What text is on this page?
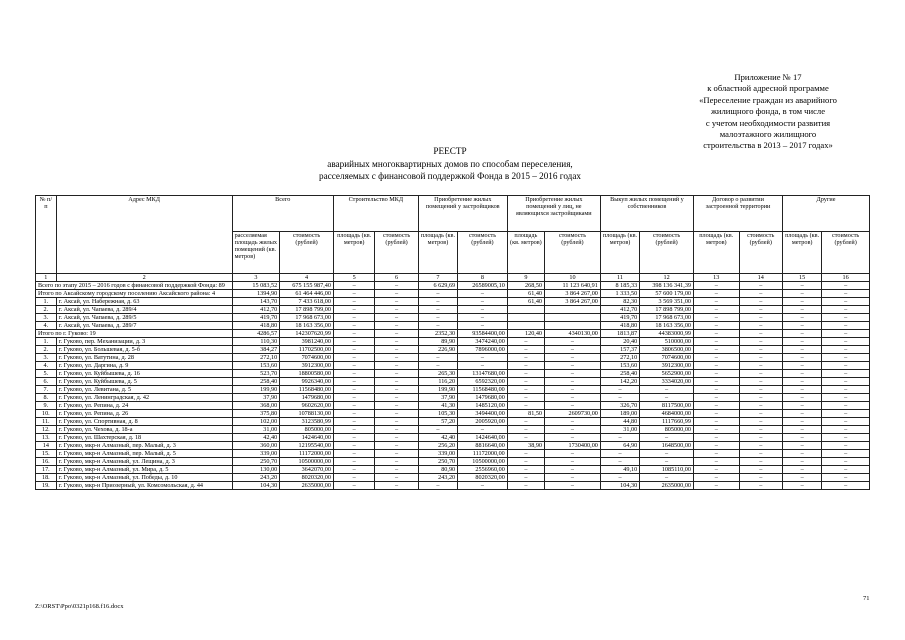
Приложение № 17
к областной адресной программе
«Переселение граждан из аварийного
жилищного фонда, в том числе
с учетом необходимости развития
малоэтажного жилищного
строительства в 2013 – 2017 годах»
РЕЕСТР
аварийных многоквартирных домов по способам переселения,
расселяемых с финансовой поддержкой Фонда в 2015 – 2016 годах
№ п/п	Адрес МКД	Всего		Строительство МКД		Приобретение жилых помещений у застройщиков		Приобретение жилых помещений у лиц, не являющихся застройщиками		Выкуп жилых помещений у собственников		Договор о развитии застроенной территории		Другие	
		расселяемая площадь жилых помещений (кв. метров)	стоимость (рублей)	площадь (кв. метров)	стоимость (рублей)	площадь (кв. метров)	стоимость (рублей)	площадь (кв. метров)	стоимость (рублей)	площадь (кв. метров)	стоимость (рублей)	площадь (кв. метров)	стоимость (рублей)	площадь (кв. метров)	стоимость (рублей)
1	2	3	4	5	6	7	8	9	10	11	12	13	14	15	16
Всего по этапу 2015 – 2016 годов с финансовой поддержкой Фонда: 89		15 083,52	675 155 987,40	–	–	6 629,69	26589005,10	268,50	11 123 640,91	8 185,33	398 136 341,39	–	–	–	–
Итого по Аксайскому городскому поселению Аксайского района: 4		1394,90	61 464 446,00	–	–	–	–	61,40	3 864 267,00	1 333,50	57 600 179,00	–	–	–	–
1.	г. Аксай, ул. Набережная, д. 63	143,70	7 433 618,00	–	–	–	–	61,40	3 864 267,00	82,30	3 569 351,00	–	–	–	–
2.	г. Аксай, ул. Чапаева, д. 289/4	412,70	17 898 799,00	–	–	–	–			412,70	17 898 799,00	–	–	–	–
3.	г. Аксай, ул. Чапаева, д. 289/5	419,70	17 968 673,00	–	–	–	–			419,70	17 968 673,00	–	–	–	–
4.	г. Аксай, ул. Чапаева, д. 289/7	418,80	18 163 356,00	–	–	–	–			418,80	18 163 356,00	–	–	–	–
Итого по г. Гуково: 19		4286,57	142307620,99	–	–	2352,30	93584400,00	120,40	4340130,00	1813,87	44383000,99	–	–	–	–
1.	г. Гуково, пер. Механизации, д. 3	110,30	3981240,00	–	–	89,90	3474240,00	–	–	20,40	510000,00	–	–	–	–
2.	г. Гуково, ул. Большевая, д. 5-б	384,27	11702500,00	–	–	226,90	7896000,00	–	–	157,37	3806500,00	–	–	–	–
3.	г. Гуково, ул. Ватутина, д. 28	272,10	7074600,00	–	–	–	–	–	–	272,10	7074600,00	–	–	–	–
4.	г. Гуково, ул. Даргина, д. 9	153,60	3912300,00	–	–	–	–	–	–	153,60	3912300,00	–	–	–	–
5.	г. Гуково, ул. Куйбышева, д. 16	523,70	18800580,00	–	–	265,30	13147680,00	–	–	258,40	5652900,00	–	–	–	–
6.	г. Гуково, ул. Куйбышева, д. 5	258,40	9926340,00	–	–	116,20	6592320,00	–	–	142,20	3334020,00	–	–	–	–
7.	г. Гуково, ул. Левитана, д. 5	199,90	11568480,00	–	–	199,90	11568480,00	–	–	–	–	–	–	–	–
8.	г. Гуково, ул. Ленинградская, д. 42	37,90	1479680,00	–	–	37,90	1479680,00	–	–	–	–	–	–	–	–
9.	г. Гуково, ул. Репина, д. 24	368,00	9602620,00	–	–	41,30	1485120,00	–	–	326,70	8117500,00	–	–	–	–
10.	г. Гуково, ул. Репина, д. 26	375,80	10788130,00	–	–	105,30	3494400,00	81,50	2609730,00	189,00	4684000,00	–	–	–	–
11.	г. Гуково, ул. Спортивная, д. 8	102,00	3123580,99	–	–	57,20	2005920,00	–	–	44,80	1117660,99	–	–	–	–
12.	г. Гуково, ул. Чехова, д. 18-а	31,00	805000,00	–	–	–	–	–	–	31,00	805000,00	–	–	–	–
13.	г. Гуково, ул. Шахтерская, д. 18	42,40	1424640,00	–	–	42,40	1424640,00	–	–	–	–	–	–	–	–
14	г. Гуково, мкр-н Алмазный, пер. Малый, д. 3	360,00	12195540,00	–	–	256,20	8816640,00	38,90	1730400,00	64,90	1648500,00	–	–	–	–
15.	г. Гуково, мкр-н Алмазный, пер. Малый, д. 5	339,00	11172000,00	–	–	339,00	11172000,00	–	–	–	–	–	–	–	–
16.	г. Гуково, мкр-н Алмазный, ул. Лещина, д. 3	250,70	10500000,00	–	–	250,70	10500000,00	–	–	–	–	–	–	–	–
17.	г. Гуково, мкр-н Алмазный, ул. Мира, д. 5	130,00	3642070,00	–	–	80,90	2556960,00	–	–	49,10	1085110,00	–	–	–	–
18.	г. Гуково, мкр-н Алмазный, ул. Победы, д. 10	243,20	8020320,00	–	–	243,20	8020320,00	–	–	–	–	–	–	–	–
19.	г. Гуково, мкр-н Приозерный, ул. Комсомольская, д. 44	104,30	2635000,00	–	–	–	–	–	–	104,30	2635000,00	–	–	–	–
Z:\ORST\Ppo\0321p168.f16.docx
71
